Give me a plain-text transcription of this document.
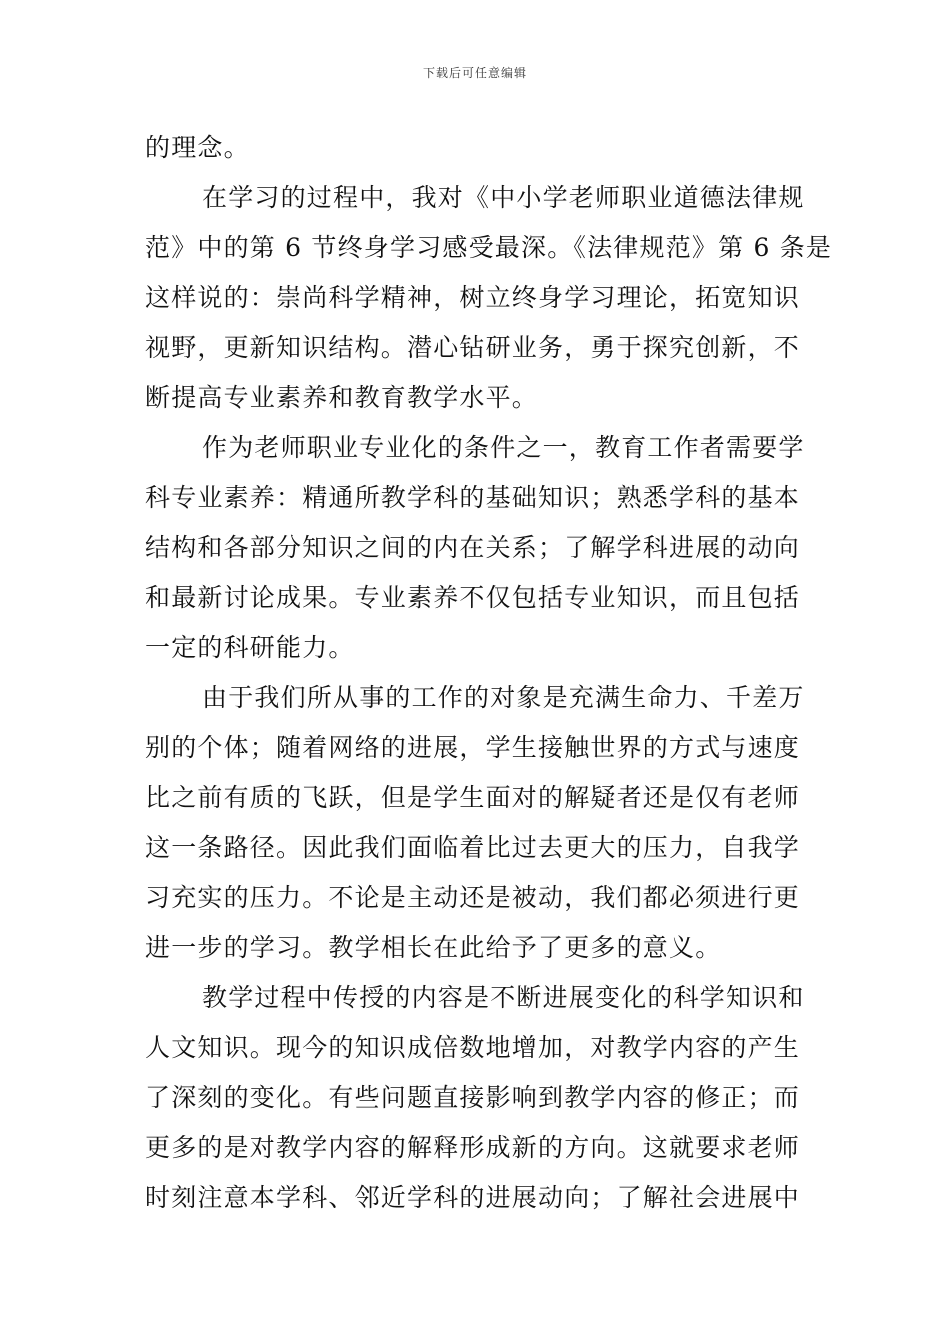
下载后可任意编辑
的理念。
在学习的过程中，我对《中小学老师职业道德法律规
范》中的第 6 节终身学习感受最深。《法律规范》第 6 条是
这样说的：崇尚科学精神，树立终身学习理论，拓宽知识
视野，更新知识结构。潜心钻研业务，勇于探究创新，不
断提高专业素养和教育教学水平。
作为老师职业专业化的条件之一，教育工作者需要学
科专业素养：精通所教学科的基础知识；熟悉学科的基本
结构和各部分知识之间的内在关系；了解学科进展的动向
和最新讨论成果。专业素养不仅包括专业知识，而且包括
一定的科研能力。
由于我们所从事的工作的对象是充满生命力、千差万
别的个体；随着网络的进展，学生接触世界的方式与速度
比之前有质的飞跃，但是学生面对的解疑者还是仅有老师
这一条路径。因此我们面临着比过去更大的压力，自我学
习充实的压力。不论是主动还是被动，我们都必须进行更
进一步的学习。教学相长在此给予了更多的意义。
教学过程中传授的内容是不断进展变化的科学知识和
人文知识。现今的知识成倍数地增加，对教学内容的产生
了深刻的变化。有些问题直接影响到教学内容的修正；而
更多的是对教学内容的解释形成新的方向。这就要求老师
时刻注意本学科、邻近学科的进展动向；了解社会进展中
